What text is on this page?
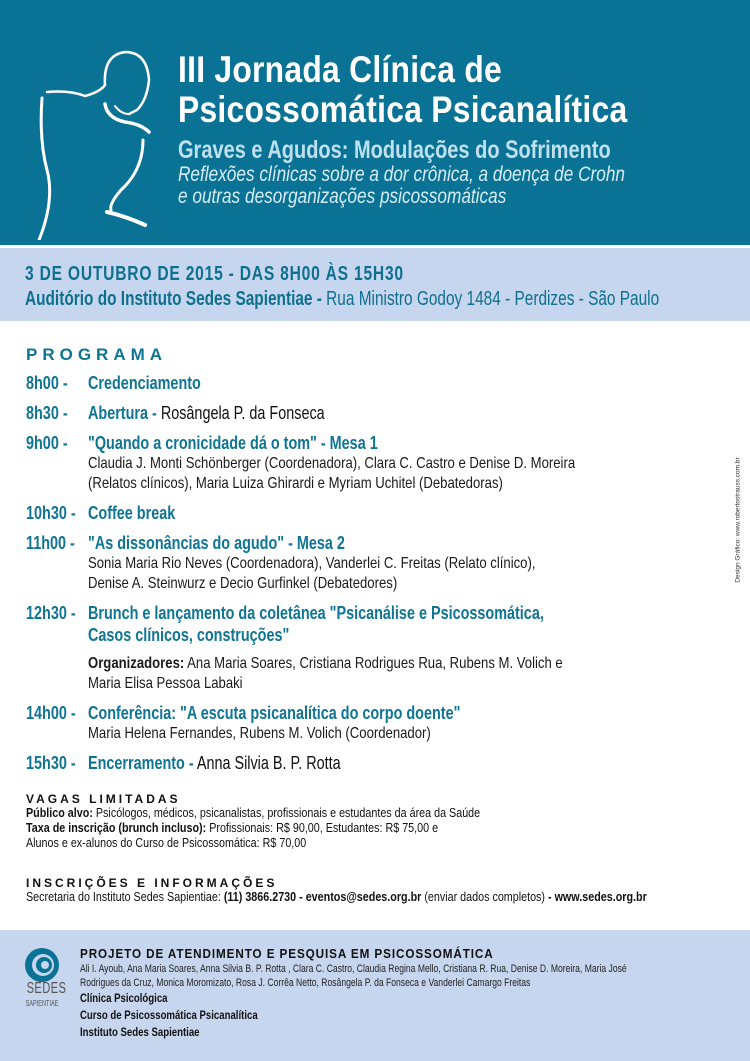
III Jornada Clínica de
Psicossomática Psicanalítica
Graves e Agudos: Modulações do Sofrimento
Reflexões clínicas sobre a dor crônica, a doença de Crohn
e outras desorganizações psicossomáticas
3 DE OUTUBRO DE 2015 - DAS 8H00 ÀS 15H30
Auditório do Instituto Sedes Sapientiae - Rua Ministro Godoy 1484 - Perdizes - São Paulo
PROGRAMA
8h00 - Credenciamento
8h30 - Abertura - Rosângela P. da Fonseca
9h00 - "Quando a cronicidade dá o tom" - Mesa 1
Claudia J. Monti Schönberger (Coordenadora), Clara C. Castro e Denise D. Moreira
(Relatos clínicos), Maria Luiza Ghirardi e Myriam Uchitel (Debatedoras)
10h30 - Coffee break
11h00 - "As dissonâncias do agudo" - Mesa 2
Sonia Maria Rio Neves (Coordenadora), Vanderlei C. Freitas (Relato clínico),
Denise A. Steinwurz e Decio Gurfinkel (Debatedores)
12h30 - Brunch e lançamento da coletânea "Psicanálise e Psicossomática,
Casos clínicos, construções"
Organizadores: Ana Maria Soares, Cristiana Rodrigues Rua, Rubens M. Volich e
Maria Elisa Pessoa Labaki
14h00 - Conferência: "A escuta psicanalítica do corpo doente"
Maria Helena Fernandes, Rubens M. Volich (Coordenador)
15h30 - Encerramento - Anna Silvia B. P. Rotta
Design Gráfico: www.robertostrauss.com.br
VAGAS LIMITADAS
Público alvo: Psicólogos, médicos, psicanalistas, profissionais e estudantes da área da Saúde
Taxa de inscrição (brunch incluso): Profissionais: R$ 90,00, Estudantes: R$ 75,00 e
Alunos e ex-alunos do Curso de Psicossomática: R$ 70,00
INSCRIÇÕES E INFORMAÇÕES
Secretaria do Instituto Sedes Sapientiae: (11) 3866.2730 - eventos@sedes.org.br (enviar dados completos) - www.sedes.org.br
SEDES
SAPIENTIAE
PROJETO DE ATENDIMENTO E PESQUISA EM PSICOSSOMÁTICA
Ali I. Ayoub, Ana Maria Soares, Anna Silvia B. P. Rotta , Clara C. Castro, Claudia Regina Mello, Cristiana R. Rua, Denise D. Moreira, Maria José
Rodrigues da Cruz, Monica Moromizato, Rosa J. Corrêa Netto, Rosângela P. da Fonseca e Vanderlei Camargo Freitas
Clínica Psicológica
Curso de Psicossomática Psicanalítica
Instituto Sedes Sapientiae
